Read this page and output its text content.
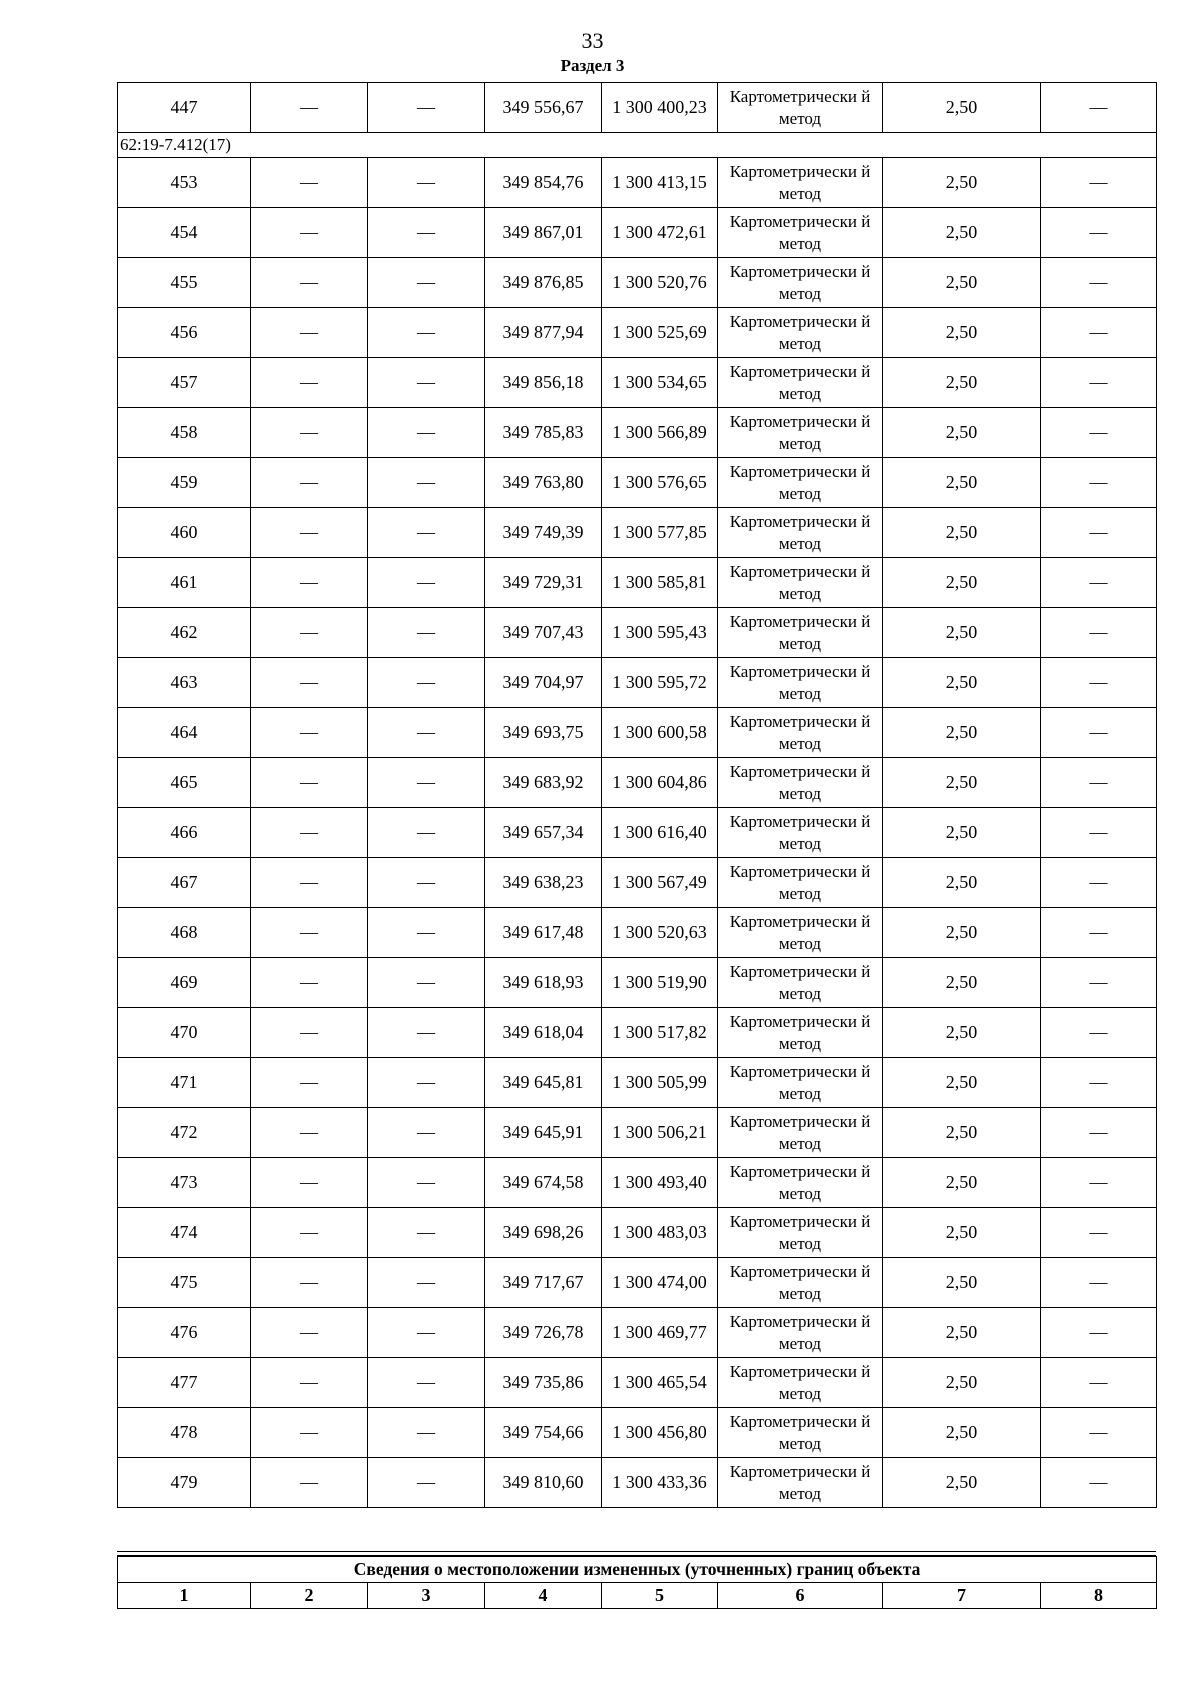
33
Раздел 3
447	—	—	349 556,67	1 300 400,23	Картометрически й метод	2,50	—
62:19-7.412(17)							
453	—	—	349 854,76	1 300 413,15	Картометрически й метод	2,50	—
454	—	—	349 867,01	1 300 472,61	Картометрически й метод	2,50	—
455	—	—	349 876,85	1 300 520,76	Картометрически й метод	2,50	—
456	—	—	349 877,94	1 300 525,69	Картометрически й метод	2,50	—
457	—	—	349 856,18	1 300 534,65	Картометрически й метод	2,50	—
458	—	—	349 785,83	1 300 566,89	Картометрически й метод	2,50	—
459	—	—	349 763,80	1 300 576,65	Картометрически й метод	2,50	—
460	—	—	349 749,39	1 300 577,85	Картометрически й метод	2,50	—
461	—	—	349 729,31	1 300 585,81	Картометрически й метод	2,50	—
462	—	—	349 707,43	1 300 595,43	Картометрически й метод	2,50	—
463	—	—	349 704,97	1 300 595,72	Картометрически й метод	2,50	—
464	—	—	349 693,75	1 300 600,58	Картометрически й метод	2,50	—
465	—	—	349 683,92	1 300 604,86	Картометрически й метод	2,50	—
466	—	—	349 657,34	1 300 616,40	Картометрически й метод	2,50	—
467	—	—	349 638,23	1 300 567,49	Картометрически й метод	2,50	—
468	—	—	349 617,48	1 300 520,63	Картометрически й метод	2,50	—
469	—	—	349 618,93	1 300 519,90	Картометрически й метод	2,50	—
470	—	—	349 618,04	1 300 517,82	Картометрически й метод	2,50	—
471	—	—	349 645,81	1 300 505,99	Картометрически й метод	2,50	—
472	—	—	349 645,91	1 300 506,21	Картометрически й метод	2,50	—
473	—	—	349 674,58	1 300 493,40	Картометрически й метод	2,50	—
474	—	—	349 698,26	1 300 483,03	Картометрически й метод	2,50	—
475	—	—	349 717,67	1 300 474,00	Картометрически й метод	2,50	—
476	—	—	349 726,78	1 300 469,77	Картометрически й метод	2,50	—
477	—	—	349 735,86	1 300 465,54	Картометрически й метод	2,50	—
478	—	—	349 754,66	1 300 456,80	Картометрически й метод	2,50	—
479	—	—	349 810,60	1 300 433,36	Картометрически й метод	2,50	—
Сведения о местоположении измененных (уточненных) границ объекта
1	2	3	4	5	6	7	8
